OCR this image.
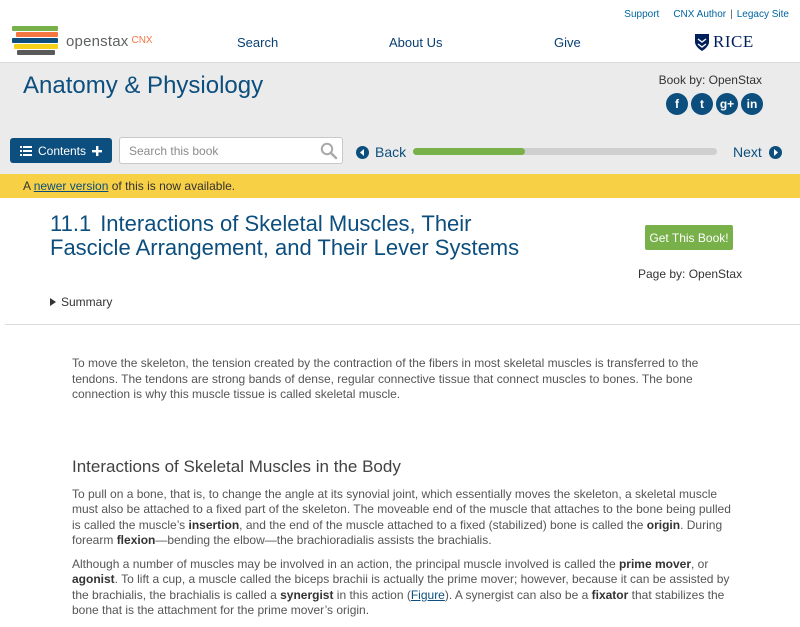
openstax CNX
Support CNX Author | Legacy Site
Search	About Us	Give	RICE
Anatomy & Physiology	Book by: OpenStax
f	t	g+	in
Contents
Search this book	Back	Next
A newer version of this is now available.
11.1 Interactions of Skeletal Muscles, Their Fascicle Arrangement, and Their Lever Systems	Get This Book!
Page by: OpenStax
Summary

To move the skeleton, the tension created by the contraction of the fibers in most skeletal muscles is transferred to the tendons. The tendons are strong bands of dense, regular connective tissue that connect muscles to bones. The bone connection is why this muscle tissue is called skeletal muscle.

Interactions of Skeletal Muscles in the Body

To pull on a bone, that is, to change the angle at its synovial joint, which essentially moves the skeleton, a skeletal muscle must also be attached to a fixed part of the skeleton. The moveable end of the muscle that attaches to the bone being pulled is called the muscle’s insertion, and the end of the muscle attached to a fixed (stabilized) bone is called the origin. During forearm flexion—bending the elbow—the brachioradialis assists the brachialis.

Although a number of muscles may be involved in an action, the principal muscle involved is called the prime mover, or agonist. To lift a cup, a muscle called the biceps brachii is actually the prime mover; however, because it can be assisted by the brachialis, the brachialis is called a synergist in this action (Figure). A synergist can also be a fixator that stabilizes the bone that is the attachment for the prime mover’s origin.
